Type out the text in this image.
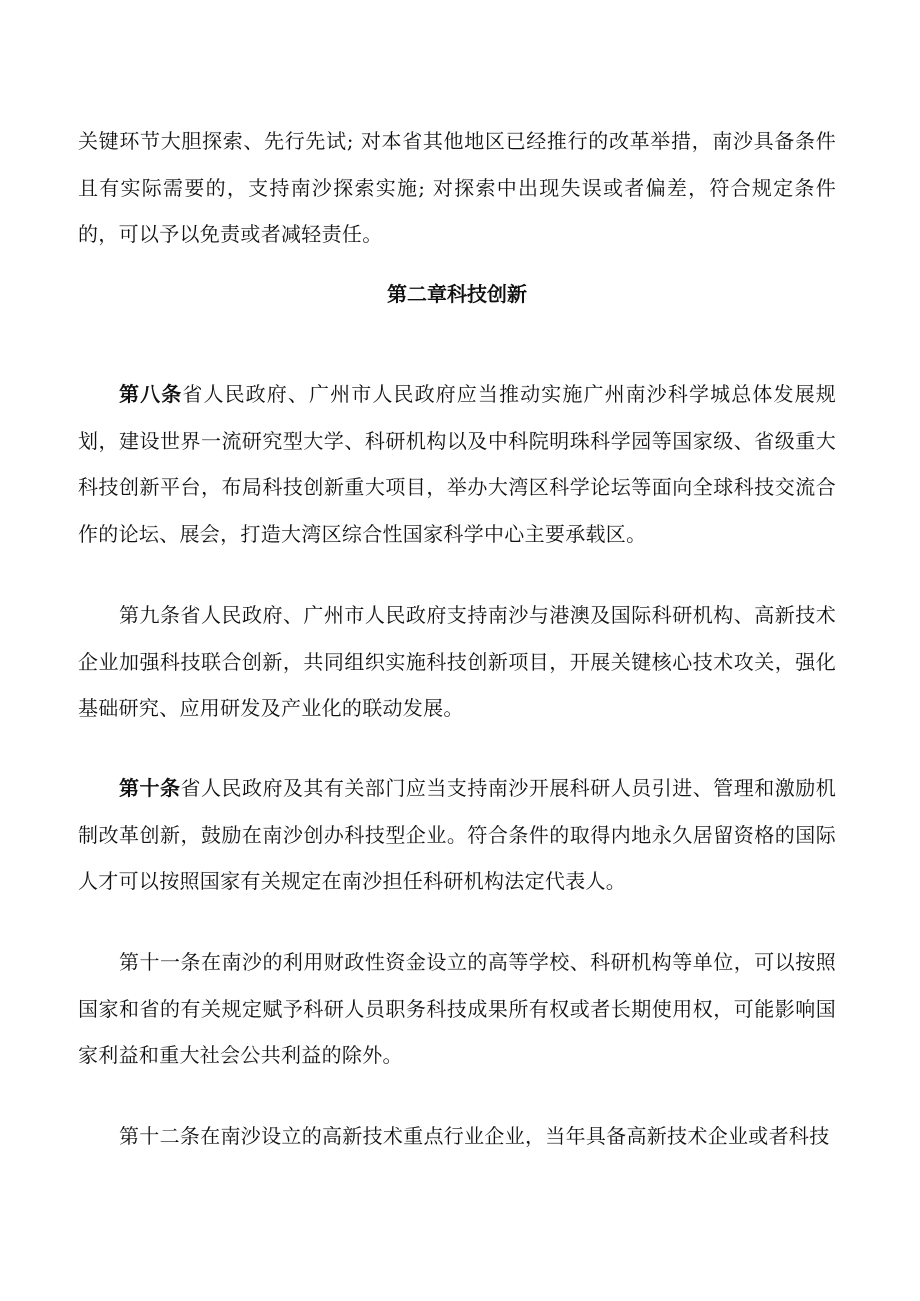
关键环节大胆探索、先行先试; 对本省其他地区已经推行的改革举措，南沙具备条件且有实际需要的，支持南沙探索实施; 对探索中出现失误或者偏差，符合规定条件的，可以予以免责或者减轻责任。

第二章科技创新

第八条省人民政府、广州市人民政府应当推动实施广州南沙科学城总体发展规划，建设世界一流研究型大学、科研机构以及中科院明珠科学园等国家级、省级重大科技创新平台，布局科技创新重大项目，举办大湾区科学论坛等面向全球科技交流合作的论坛、展会，打造大湾区综合性国家科学中心主要承载区。

第九条省人民政府、广州市人民政府支持南沙与港澳及国际科研机构、高新技术企业加强科技联合创新，共同组织实施科技创新项目，开展关键核心技术攻关，强化基础研究、应用研发及产业化的联动发展。

第十条省人民政府及其有关部门应当支持南沙开展科研人员引进、管理和激励机制改革创新，鼓励在南沙创办科技型企业。符合条件的取得内地永久居留资格的国际人才可以按照国家有关规定在南沙担任科研机构法定代表人。

第十一条在南沙的利用财政性资金设立的高等学校、科研机构等单位，可以按照国家和省的有关规定赋予科研人员职务科技成果所有权或者长期使用权，可能影响国家利益和重大社会公共利益的除外。

第十二条在南沙设立的高新技术重点行业企业，当年具备高新技术企业或者科技
